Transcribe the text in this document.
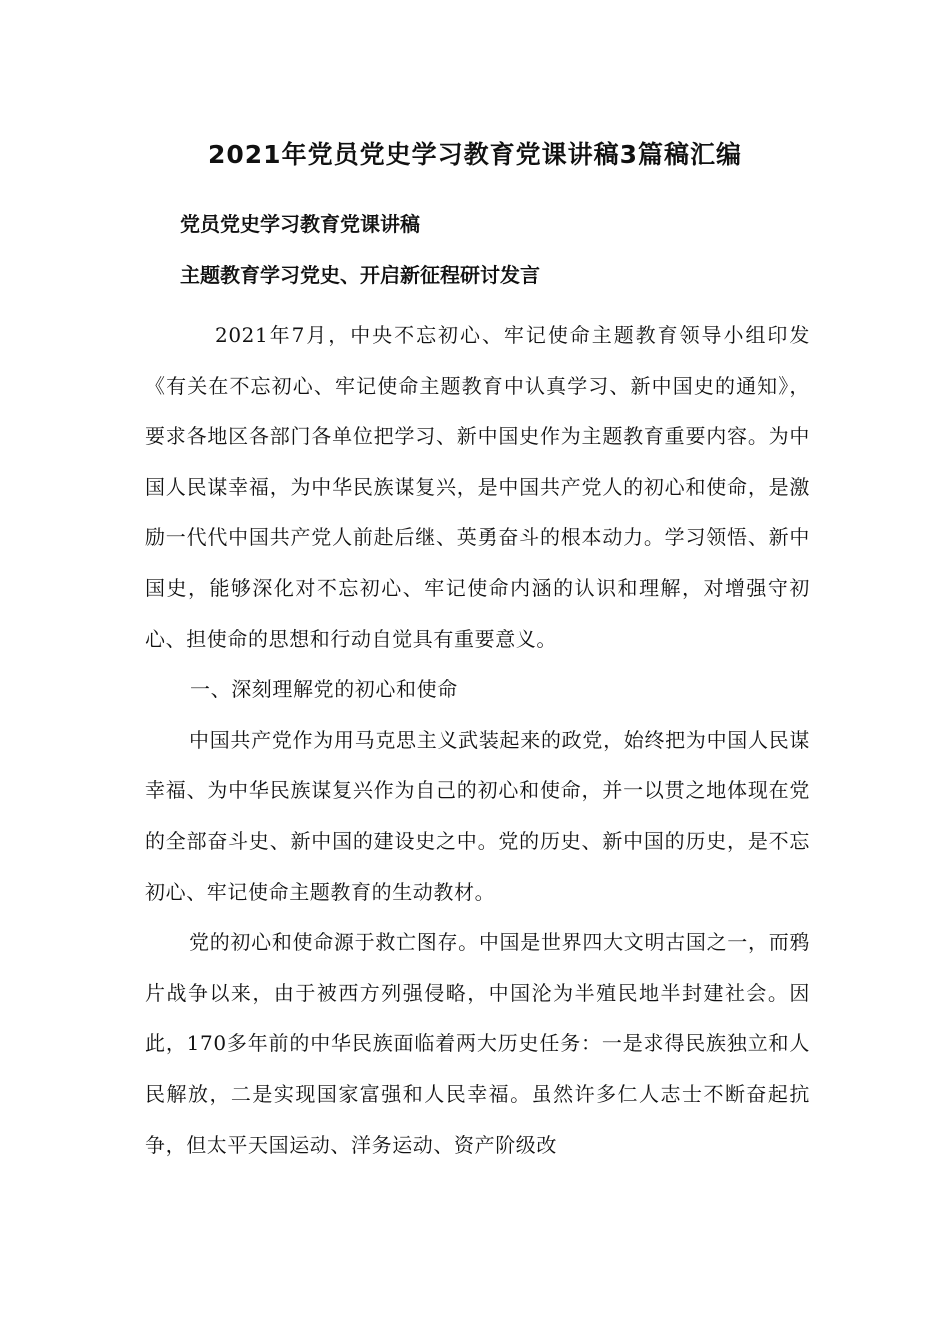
2021年党员党史学习教育党课讲稿3篇稿汇编
党员党史学习教育党课讲稿
主题教育学习党史、开启新征程研讨发言

2021年7月，中央不忘初心、牢记使命主题教育领导小组印发《有关在不忘初心、牢记使命主题教育中认真学习、新中国史的通知》，要求各地区各部门各单位把学习、新中国史作为主题教育重要内容。为中国人民谋幸福，为中华民族谋复兴，是中国共产党人的初心和使命，是激励一代代中国共产党人前赴后继、英勇奋斗的根本动力。学习领悟、新中国史，能够深化对不忘初心、牢记使命内涵的认识和理解，对增强守初心、担使命的思想和行动自觉具有重要意义。

一、深刻理解党的初心和使命

中国共产党作为用马克思主义武装起来的政党，始终把为中国人民谋幸福、为中华民族谋复兴作为自己的初心和使命，并一以贯之地体现在党的全部奋斗史、新中国的建设史之中。党的历史、新中国的历史，是不忘初心、牢记使命主题教育的生动教材。

党的初心和使命源于救亡图存。中国是世界四大文明古国之一，而鸦片战争以来，由于被西方列强侵略，中国沦为半殖民地半封建社会。因此，170多年前的中华民族面临着两大历史任务：一是求得民族独立和人民解放，二是实现国家富强和人民幸福。虽然许多仁人志士不断奋起抗争，但太平天国运动、洋务运动、资产阶级改
